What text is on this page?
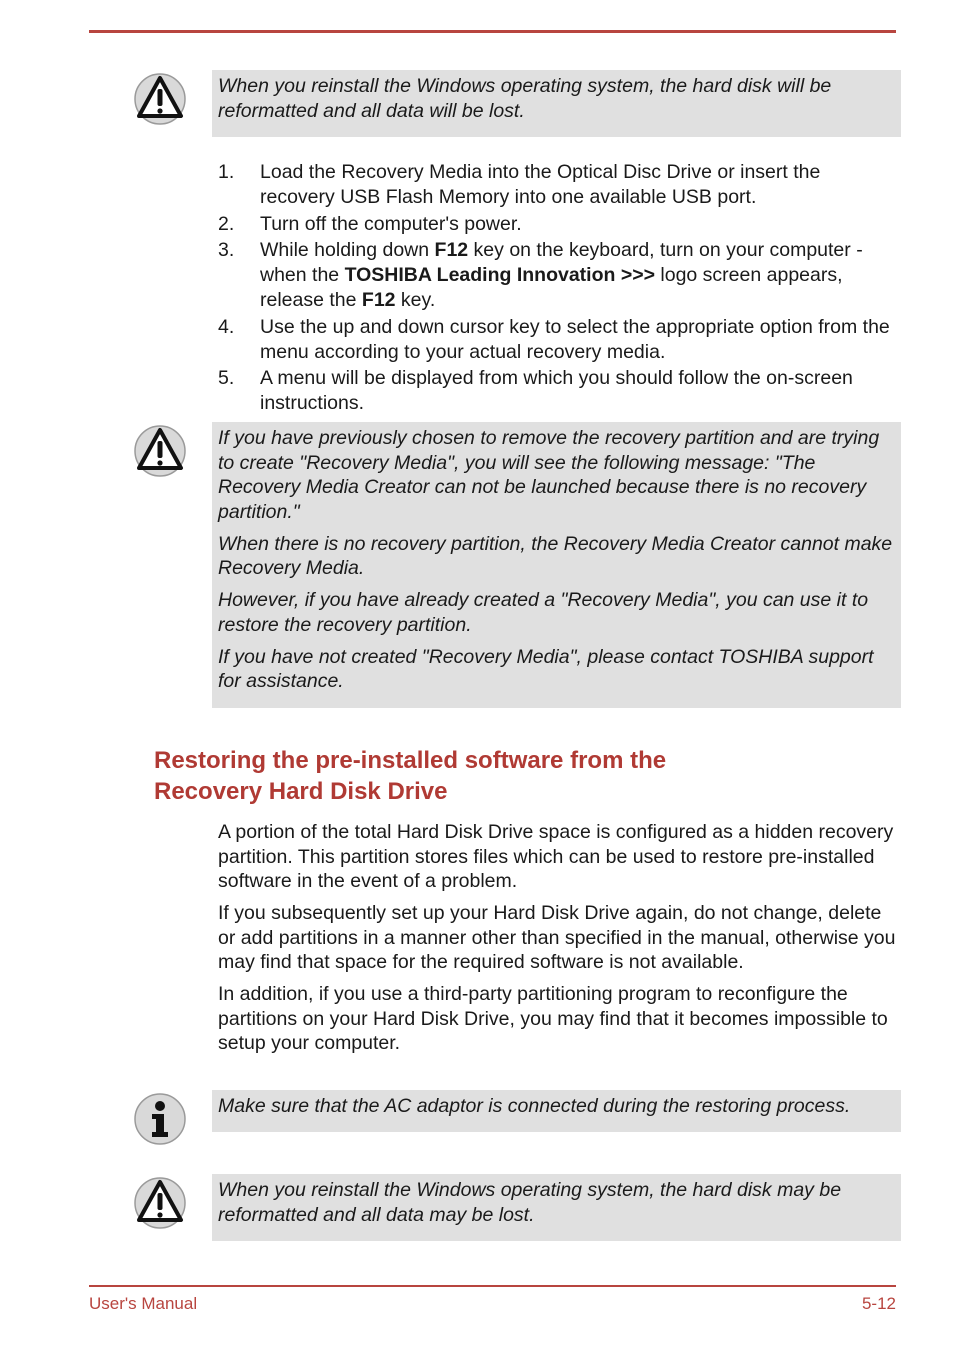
When you reinstall the Windows operating system, the hard disk will be reformatted and all data will be lost.

1. Load the Recovery Media into the Optical Disc Drive or insert the recovery USB Flash Memory into one available USB port.
2. Turn off the computer's power.
3. While holding down F12 key on the keyboard, turn on your computer - when the TOSHIBA Leading Innovation >>> logo screen appears, release the F12 key.
4. Use the up and down cursor key to select the appropriate option from the menu according to your actual recovery media.
5. A menu will be displayed from which you should follow the on-screen instructions.

If you have previously chosen to remove the recovery partition and are trying to create "Recovery Media", you will see the following message: "The Recovery Media Creator can not be launched because there is no recovery partition."

When there is no recovery partition, the Recovery Media Creator cannot make Recovery Media.

However, if you have already created a "Recovery Media", you can use it to restore the recovery partition.

If you have not created "Recovery Media", please contact TOSHIBA support for assistance.

Restoring the pre-installed software from the
Recovery Hard Disk Drive

A portion of the total Hard Disk Drive space is configured as a hidden recovery partition. This partition stores files which can be used to restore pre-installed software in the event of a problem.

If you subsequently set up your Hard Disk Drive again, do not change, delete or add partitions in a manner other than specified in the manual, otherwise you may find that space for the required software is not available.

In addition, if you use a third-party partitioning program to reconfigure the partitions on your Hard Disk Drive, you may find that it becomes impossible to setup your computer.

Make sure that the AC adaptor is connected during the restoring process.

When you reinstall the Windows operating system, the hard disk may be reformatted and all data may be lost.

User's Manual	5-12
